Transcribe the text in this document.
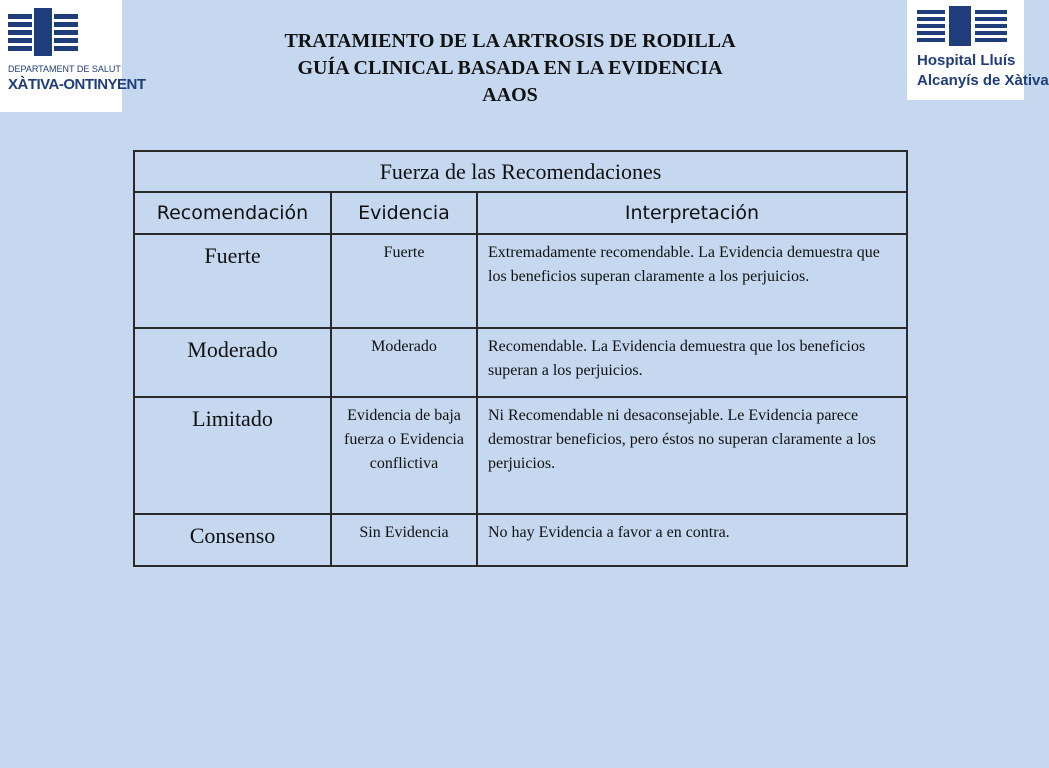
DEPARTAMENT DE SALUT
XÀTIVA-ONTINYENT
Hospital Lluís
Alcanyís de Xàtiva
TRATAMIENTO DE LA ARTROSIS DE RODILLA
GUÍA CLINICAL BASADA EN LA EVIDENCIA
AAOS
Fuerza de las Recomendaciones		
Recomendación	Evidencia	Interpretación
Fuerte	Fuerte	Extremadamente recomendable. La Evidencia demuestra que los beneficios superan claramente a los perjuicios.
Moderado	Moderado	Recomendable. La Evidencia demuestra que los beneficios superan a los perjuicios.
Limitado	Evidencia de baja fuerza o Evidencia conflictiva	Ni Recomendable ni desaconsejable. Le Evidencia parece demostrar beneficios, pero éstos no superan claramente a los perjuicios.
Consenso	Sin Evidencia	No hay Evidencia a favor a en contra.
